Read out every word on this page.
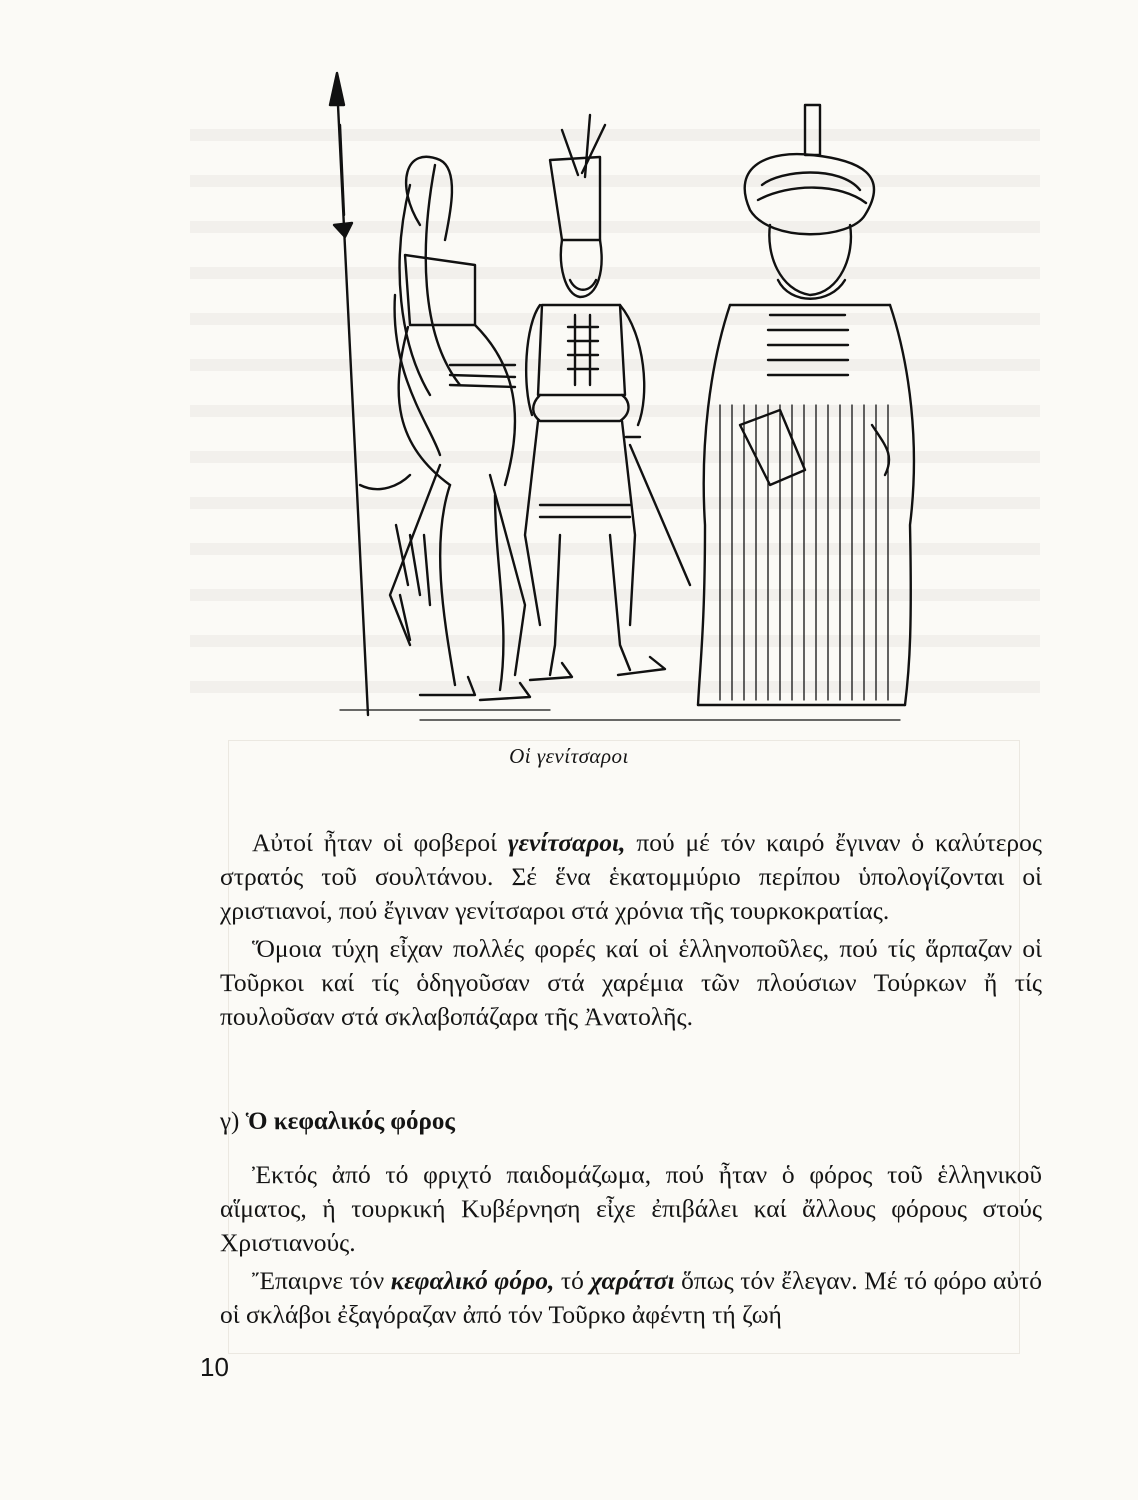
Οἱ γενίτσαροι

Αὐτοί ἦταν οἱ φοβεροί γενίτσαροι, πού μέ τόν καιρό ἔγιναν ὁ καλύτερος στρατός τοῦ σουλτάνου. Σέ ἕνα ἑκατομμύριο περίπου ὑπολογίζονται οἱ χριστιανοί, πού ἔγιναν γενίτσαροι στά χρόνια τῆς τουρκοκρατίας.

Ὅμοια τύχη εἶχαν πολλές φορές καί οἱ ἑλληνοποῦλες, πού τίς ἅρπαζαν οἱ Τοῦρκοι καί τίς ὁδηγοῦσαν στά χαρέμια τῶν πλούσιων Τούρκων ἤ τίς πουλοῦσαν στά σκλαβοπάζαρα τῆς Ἀνατολῆς.

γ) Ὁ κεφαλικός φόρος

Ἐκτός ἀπό τό φριχτό παιδομάζωμα, πού ἦταν ὁ φόρος τοῦ ἑλληνικοῦ αἵματος, ἡ τουρκική Κυβέρνηση εἶχε ἐπιβάλει καί ἄλλους φόρους στούς Χριστιανούς.

Ἔπαιρνε τόν κεφαλικό φόρο, τό χαράτσι ὅπως τόν ἔλεγαν. Μέ τό φόρο αὐτό οἱ σκλάβοι ἐξαγόραζαν ἀπό τόν Τοῦρκο ἀφέντη τή ζωή

10
